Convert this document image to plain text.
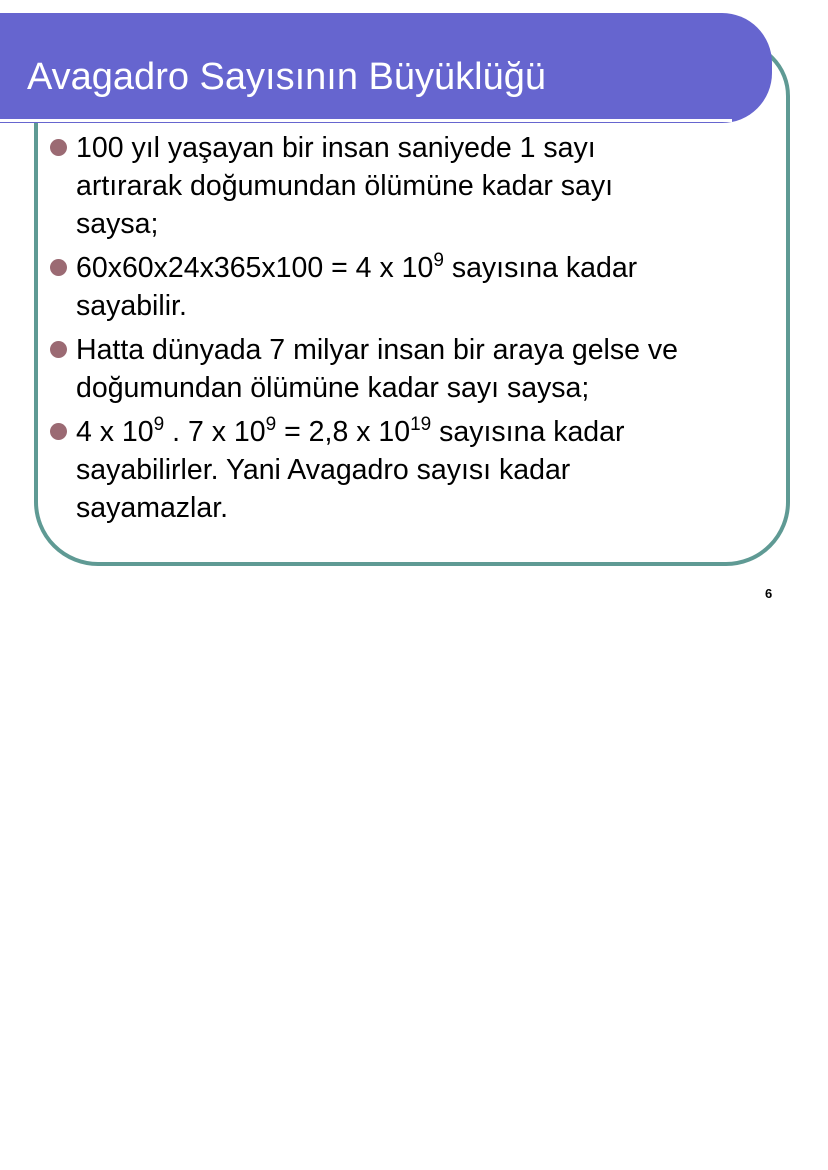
Avagadro Sayısının Büyüklüğü
100 yıl yaşayan bir insan saniyede 1 sayı
artırarak doğumundan ölümüne kadar sayı
saysa;
60x60x24x365x100 = 4 x $10^9$ sayısına kadar
sayabilir.
Hatta dünyada 7 milyar insan bir araya gelse ve
doğumundan ölümüne kadar sayı saysa;
4 x $10^9$ . 7 x $10^9 = 2,8$ x $10^{19}$ sayısına kadar
sayabilirler. Yani Avagadro sayısı kadar
sayamazlar.
6
